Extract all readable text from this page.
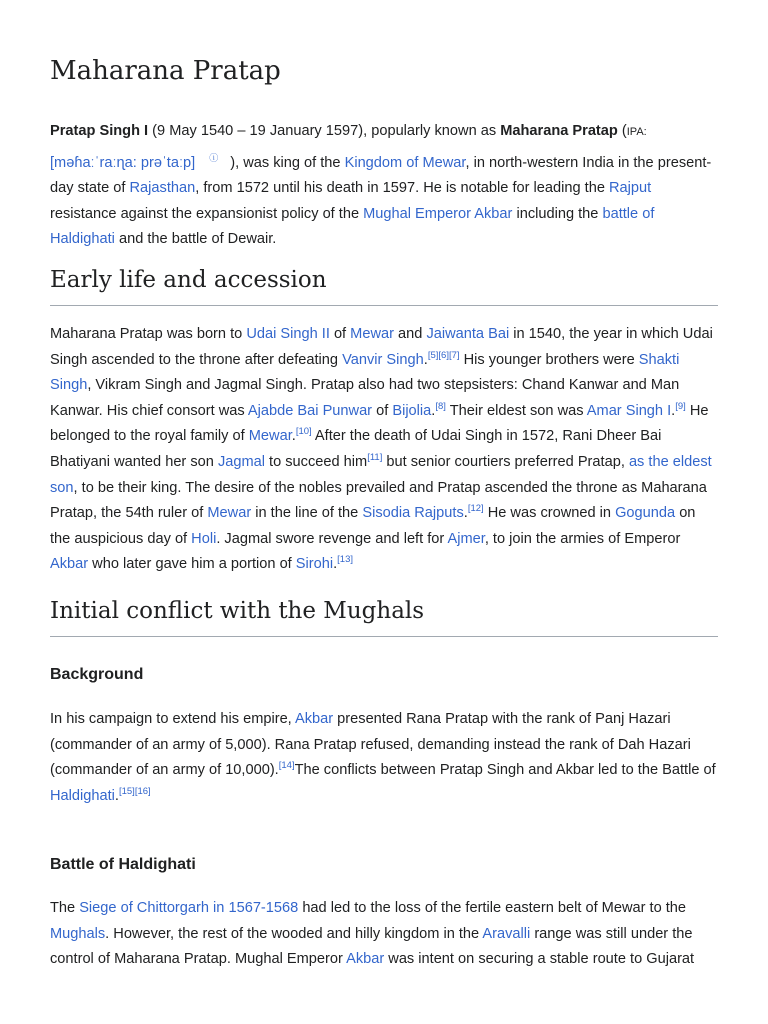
Maharana Pratap

Pratap Singh I (9 May 1540 – 19 January 1597), popularly known as Maharana Pratap (IPA:
[məɦaːˈraːɳa: prəˈtaːp] ⓘ ), was king of the Kingdom of Mewar, in north-western India in the present-day state of Rajasthan, from 1572 until his death in 1597. He is notable for leading the Rajput resistance against the expansionist policy of the Mughal Emperor Akbar including the battle of Haldighati and the battle of Dewair.

Early life and accession

Maharana Pratap was born to Udai Singh II of Mewar and Jaiwanta Bai in 1540, the year in which Udai Singh ascended to the throne after defeating Vanvir Singh.[5][6][7] His younger brothers were Shakti Singh, Vikram Singh and Jagmal Singh. Pratap also had two stepsisters: Chand Kanwar and Man Kanwar. His chief consort was Ajabde Bai Punwar of Bijolia.[8] Their eldest son was Amar Singh I.[9] He belonged to the royal family of Mewar.[10] After the death of Udai Singh in 1572, Rani Dheer Bai Bhatiyani wanted her son Jagmal to succeed him[11] but senior courtiers preferred Pratap, as the eldest son, to be their king. The desire of the nobles prevailed and Pratap ascended the throne as Maharana Pratap, the 54th ruler of Mewar in the line of the Sisodia Rajputs.[12] He was crowned in Gogunda on the auspicious day of Holi. Jagmal swore revenge and left for Ajmer, to join the armies of Emperor Akbar who later gave him a portion of Sirohi.[13]

Initial conflict with the Mughals
Background

In his campaign to extend his empire, Akbar presented Rana Pratap with the rank of Panj Hazari (commander of an army of 5,000). Rana Pratap refused, demanding instead the rank of Dah Hazari (commander of an army of 10,000).[14]The conflicts between Pratap Singh and Akbar led to the Battle of Haldighati.[15][16]

Battle of Haldighati

The Siege of Chittorgarh in 1567-1568 had led to the loss of the fertile eastern belt of Mewar to the Mughals. However, the rest of the wooded and hilly kingdom in the Aravalli range was still under the control of Maharana Pratap. Mughal Emperor Akbar was intent on securing a stable route to Gujarat
